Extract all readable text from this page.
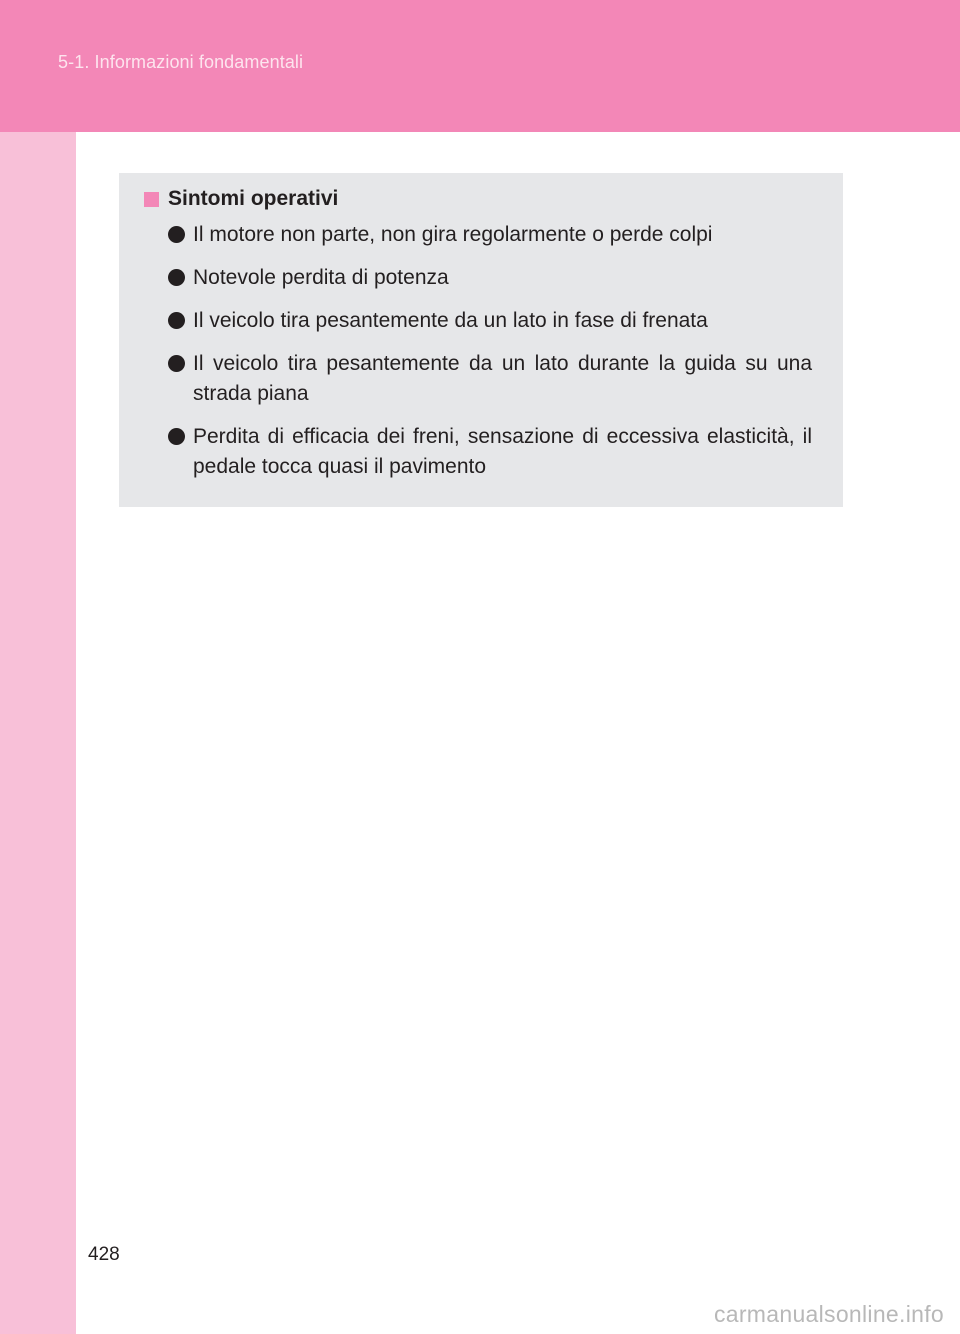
5-1. Informazioni fondamentali
Sintomi operativi
Il motore non parte, non gira regolarmente o perde colpi
Notevole perdita di potenza
Il veicolo tira pesantemente da un lato in fase di frenata
Il veicolo tira pesantemente da un lato durante la guida su una strada piana
Perdita di efficacia dei freni, sensazione di eccessiva elasticità, il pedale tocca quasi il pavimento
428
carmanualsonline.info
